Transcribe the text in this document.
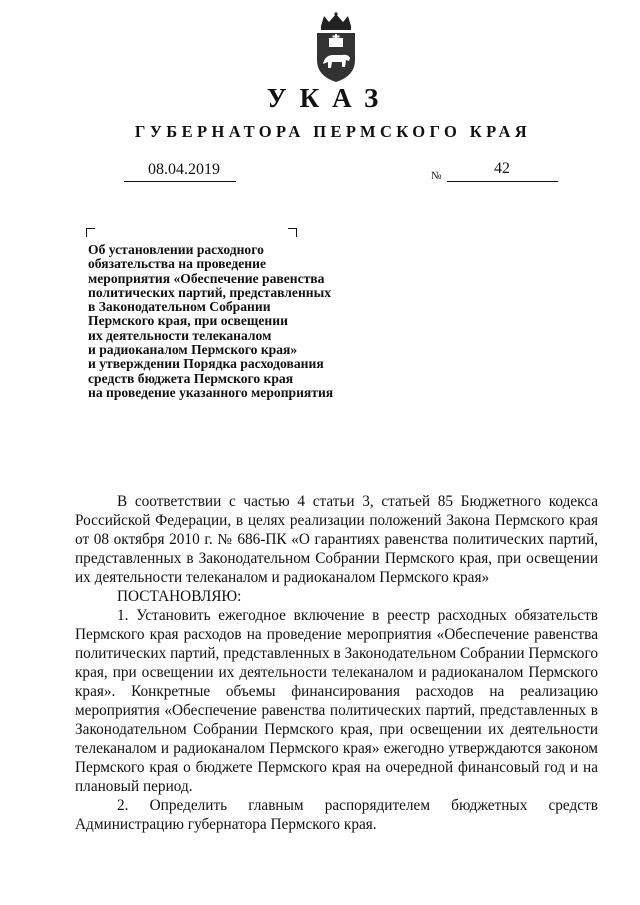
УКАЗ
ГУБЕРНАТОРА ПЕРМСКОГО КРАЯ
08.04.2019	№	42
Об установлении расходного
обязательства на проведение
мероприятия «Обеспечение равенства
политических партий, представленных
в Законодательном Собрании
Пермского края, при освещении
их деятельности телеканалом
и радиоканалом Пермского края»
и утверждении Порядка расходования
средств бюджета Пермского края
на проведение указанного мероприятия

В соответствии с частью 4 статьи 3, статьей 85 Бюджетного кодекса Российской Федерации, в целях реализации положений Закона Пермского края от 08 октября 2010 г. № 686-ПК «О гарантиях равенства политических партий, представленных в Законодательном Собрании Пермского края, при освещении их деятельности телеканалом и радиоканалом Пермского края»

ПОСТАНОВЛЯЮ:

1. Установить ежегодное включение в реестр расходных обязательств Пермского края расходов на проведение мероприятия «Обеспечение равенства политических партий, представленных в Законодательном Собрании Пермского края, при освещении их деятельности телеканалом и радиоканалом Пермского края». Конкретные объемы финансирования расходов на реализацию мероприятия «Обеспечение равенства политических партий, представленных в Законодательном Собрании Пермского края, при освещении их деятельности телеканалом и радиоканалом Пермского края» ежегодно утверждаются законом Пермского края о бюджете Пермского края на очередной финансовый год и на плановый период.

2. Определить главным распорядителем бюджетных средств Администрацию губернатора Пермского края.
